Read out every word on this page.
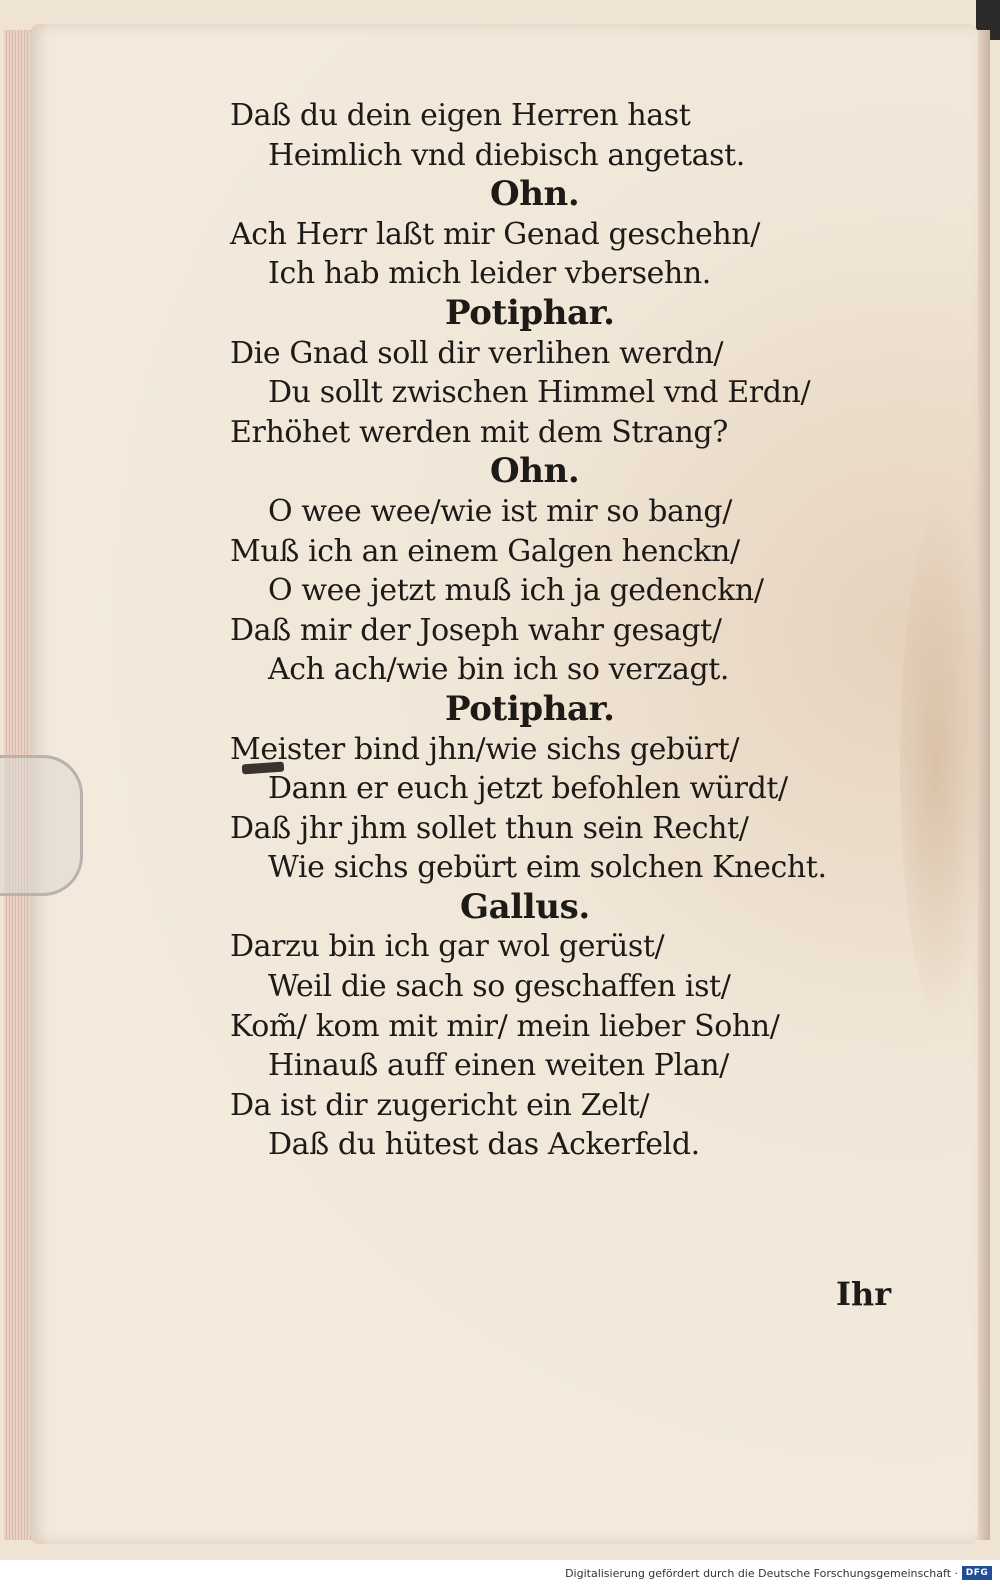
Daß du dein eigen Herren hast
Heimlich vnd diebisch angetast.
Ohn.
Ach Herr laßt mir Genad geschehn/
Ich hab mich leider vbersehn.
Potiphar.
Die Gnad soll dir verlihen werdn/
Du sollt zwischen Himmel vnd Erdn/
Erhöhet werden mit dem Strang?
Ohn.
O wee wee/wie ist mir so bang/
Muß ich an einem Galgen henckn/
O wee jetzt muß ich ja gedenckn/
Daß mir der Joseph wahr gesagt/
Ach ach/wie bin ich so verzagt.
Potiphar.
Meister bind jhn/wie sichs gebürt/
Dann er euch jetzt befohlen würdt/
Daß jhr jhm sollet thun sein Recht/
Wie sichs gebürt eim solchen Knecht.
Gallus.
Darzu bin ich gar wol gerüst/
Weil die sach so geschaffen ist/
Kom̃/ kom mit mir/ mein lieber Sohn/
Hinauß auff einen weiten Plan/
Da ist dir zugericht ein Zelt/
Daß du hütest das Ackerfeld.
Ihr
Digitalisierung gefördert durch die Deutsche Forschungsgemeinschaft · DFG
